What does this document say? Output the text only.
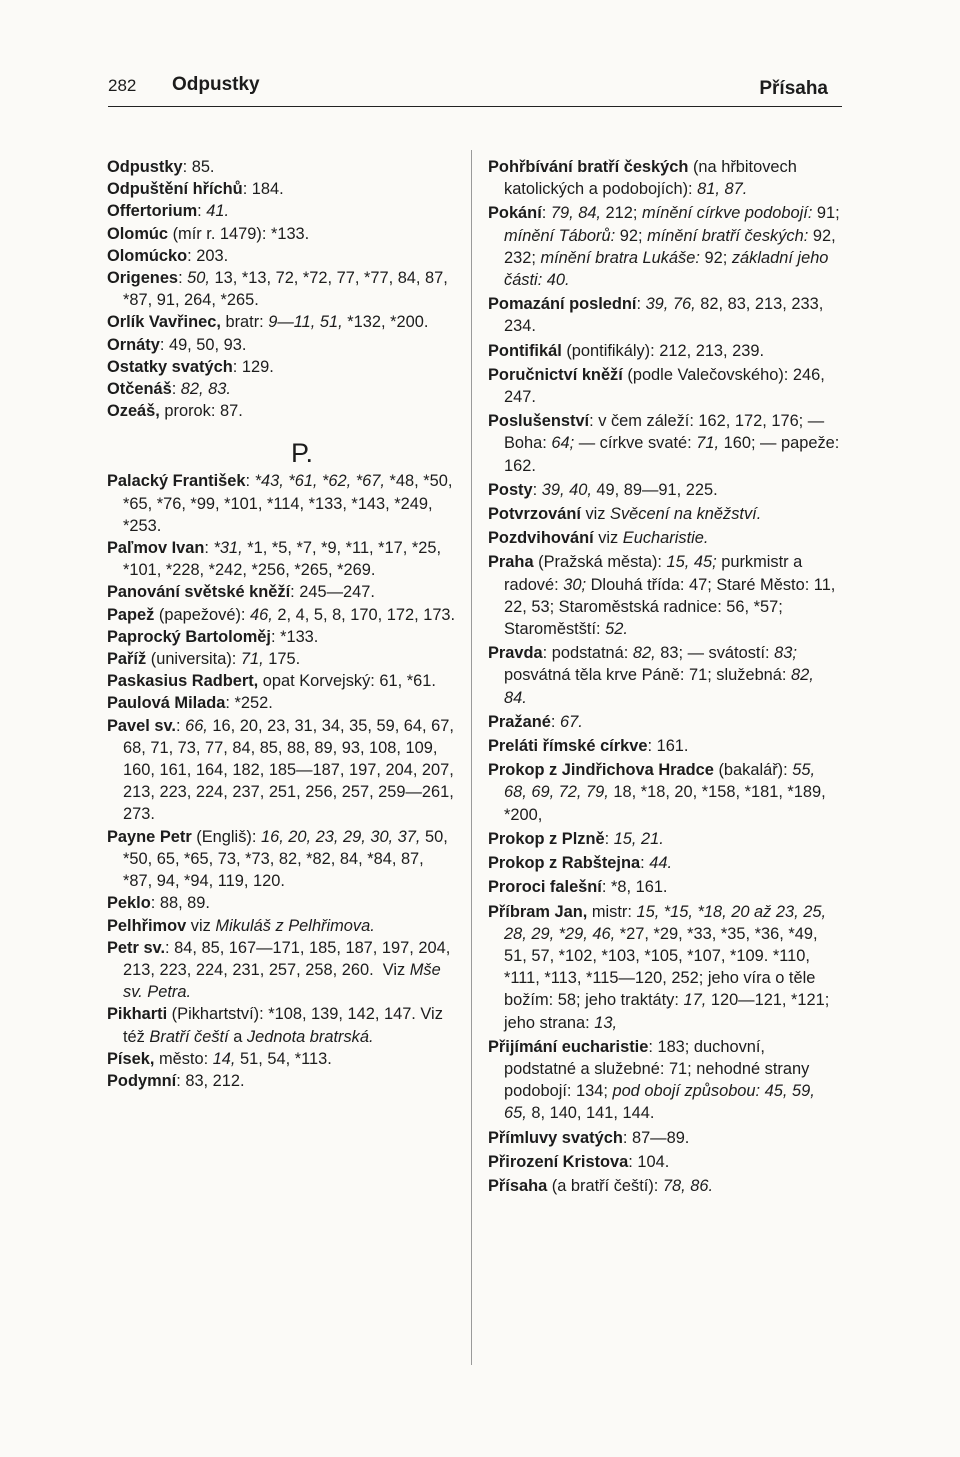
282 Odpustky	Přísaha

Odpustky: 85.

Odpuštění hříchů: 184.

Offertorium: 41.

Olomúc (mír r. 1479): *133.

Olomúcko: 203.

Origenes: 50, 13, *13, 72, *72, 77, *77, 84, 87, *87, 91, 264, *265.

Orlík Vavřinec, bratr: 9—11, 51, *132, *200.

Ornáty: 49, 50, 93.

Ostatky svatých: 129.

Otčenáš: 82, 83.

Ozeáš, prorok: 87.

P.

Palacký František: *43, *61, *62, *67, *48, *50, *65, *76, *99, *101, *114, *133, *143, *249, *253.

Paľmov Ivan: *31, *1, *5, *7, *9, *11, *17, *25, *101, *228, *242, *256, *265, *269.

Panování světské kněží: 245—247.

Papež (papežové): 46, 2, 4, 5, 8, 170, 172, 173.

Paprocký Bartoloměj: *133.

Paříž (universita): 71, 175.

Paskasius Radbert, opat Korvejský: 61, *61.

Paulová Milada: *252.

Pavel sv.: 66, 16, 20, 23, 31, 34, 35, 59, 64, 67, 68, 71, 73, 77, 84, 85, 88, 89, 93, 108, 109, 160, 161, 164, 182, 185—187, 197, 204, 207, 213, 223, 224, 237, 251, 256, 257, 259—261, 273.

Payne Petr (Engliš): 16, 20, 23, 29, 30, 37, 50, *50, 65, *65, 73, *73, 82, *82, 84, *84, 87, *87, 94, *94, 119, 120.

Peklo: 88, 89.

Pelhřimov viz Mikuláš z Pelhřimova.

Petr sv.: 84, 85, 167—171, 185, 187, 197, 204, 213, 223, 224, 231, 257, 258, 260.  Viz Mše sv. Petra.

Pikharti (Pikhartství): *108, 139, 142, 147. Viz též Bratří čeští a Jednota bratrská.

Písek, město: 14, 51, 54, *113.

Podymní: 83, 212.

Pohřbívání bratří českých (na hřbitovech katolických a podobojích): 81, 87.

Pokání: 79, 84, 212; mínění církve podobojí: 91; mínění Táborů: 92; mínění bratří českých: 92, 232; mínění bratra Lukáše: 92; základní jeho části: 40.

Pomazání poslední: 39, 76, 82, 83, 213, 233, 234.

Pontifikál (pontifikály): 212, 213, 239.

Poručnictví kněží (podle Valečovského): 246, 247.

Poslušenství: v čem záleží: 162, 172, 176; — Boha: 64; — církve svaté: 71, 160; — papeže: 162.

Posty: 39, 40, 49, 89—91, 225.

Potvrzování viz Svěcení na kněžství.

Pozdvihování viz Eucharistie.

Praha (Pražská města): 15, 45; purkmistr a radové: 30; Dlouhá třída: 47; Staré Město: 11, 22, 53; Staroměstská radnice: 56, *57; Staroměstští: 52.

Pravda: podstatná: 82, 83; — svátostí: 83; posvátná těla krve Páně: 71; služebná: 82, 84.

Pražané: 67.

Preláti římské církve: 161.

Prokop z Jindřichova Hradce (bakalář): 55, 68, 69, 72, 79, 18, *18, 20, *158, *181, *189, *200,

Prokop z Plzně: 15, 21.

Prokop z Rabštejna: 44.

Proroci falešní: *8, 161.

Příbram Jan, mistr: 15, *15, *18, 20 až 23, 25, 28, 29, *29, 46, *27, *29, *33, *35, *36, *49, 51, 57, *102, *103, *105, *107, *109. *110, *111, *113, *115—120, 252; jeho víra o těle božím: 58; jeho traktáty: 17, 120—121, *121; jeho strana: 13,

Přijímání eucharistie: 183; duchovní, podstatné a služebné: 71; nehodné strany podobojí: 134; pod obojí způsobou: 45, 59, 65, 8, 140, 141, 144.

Přímluvy svatých: 87—89.

Přirození Kristova: 104.

Přísaha (a bratří čeští): 78, 86.
